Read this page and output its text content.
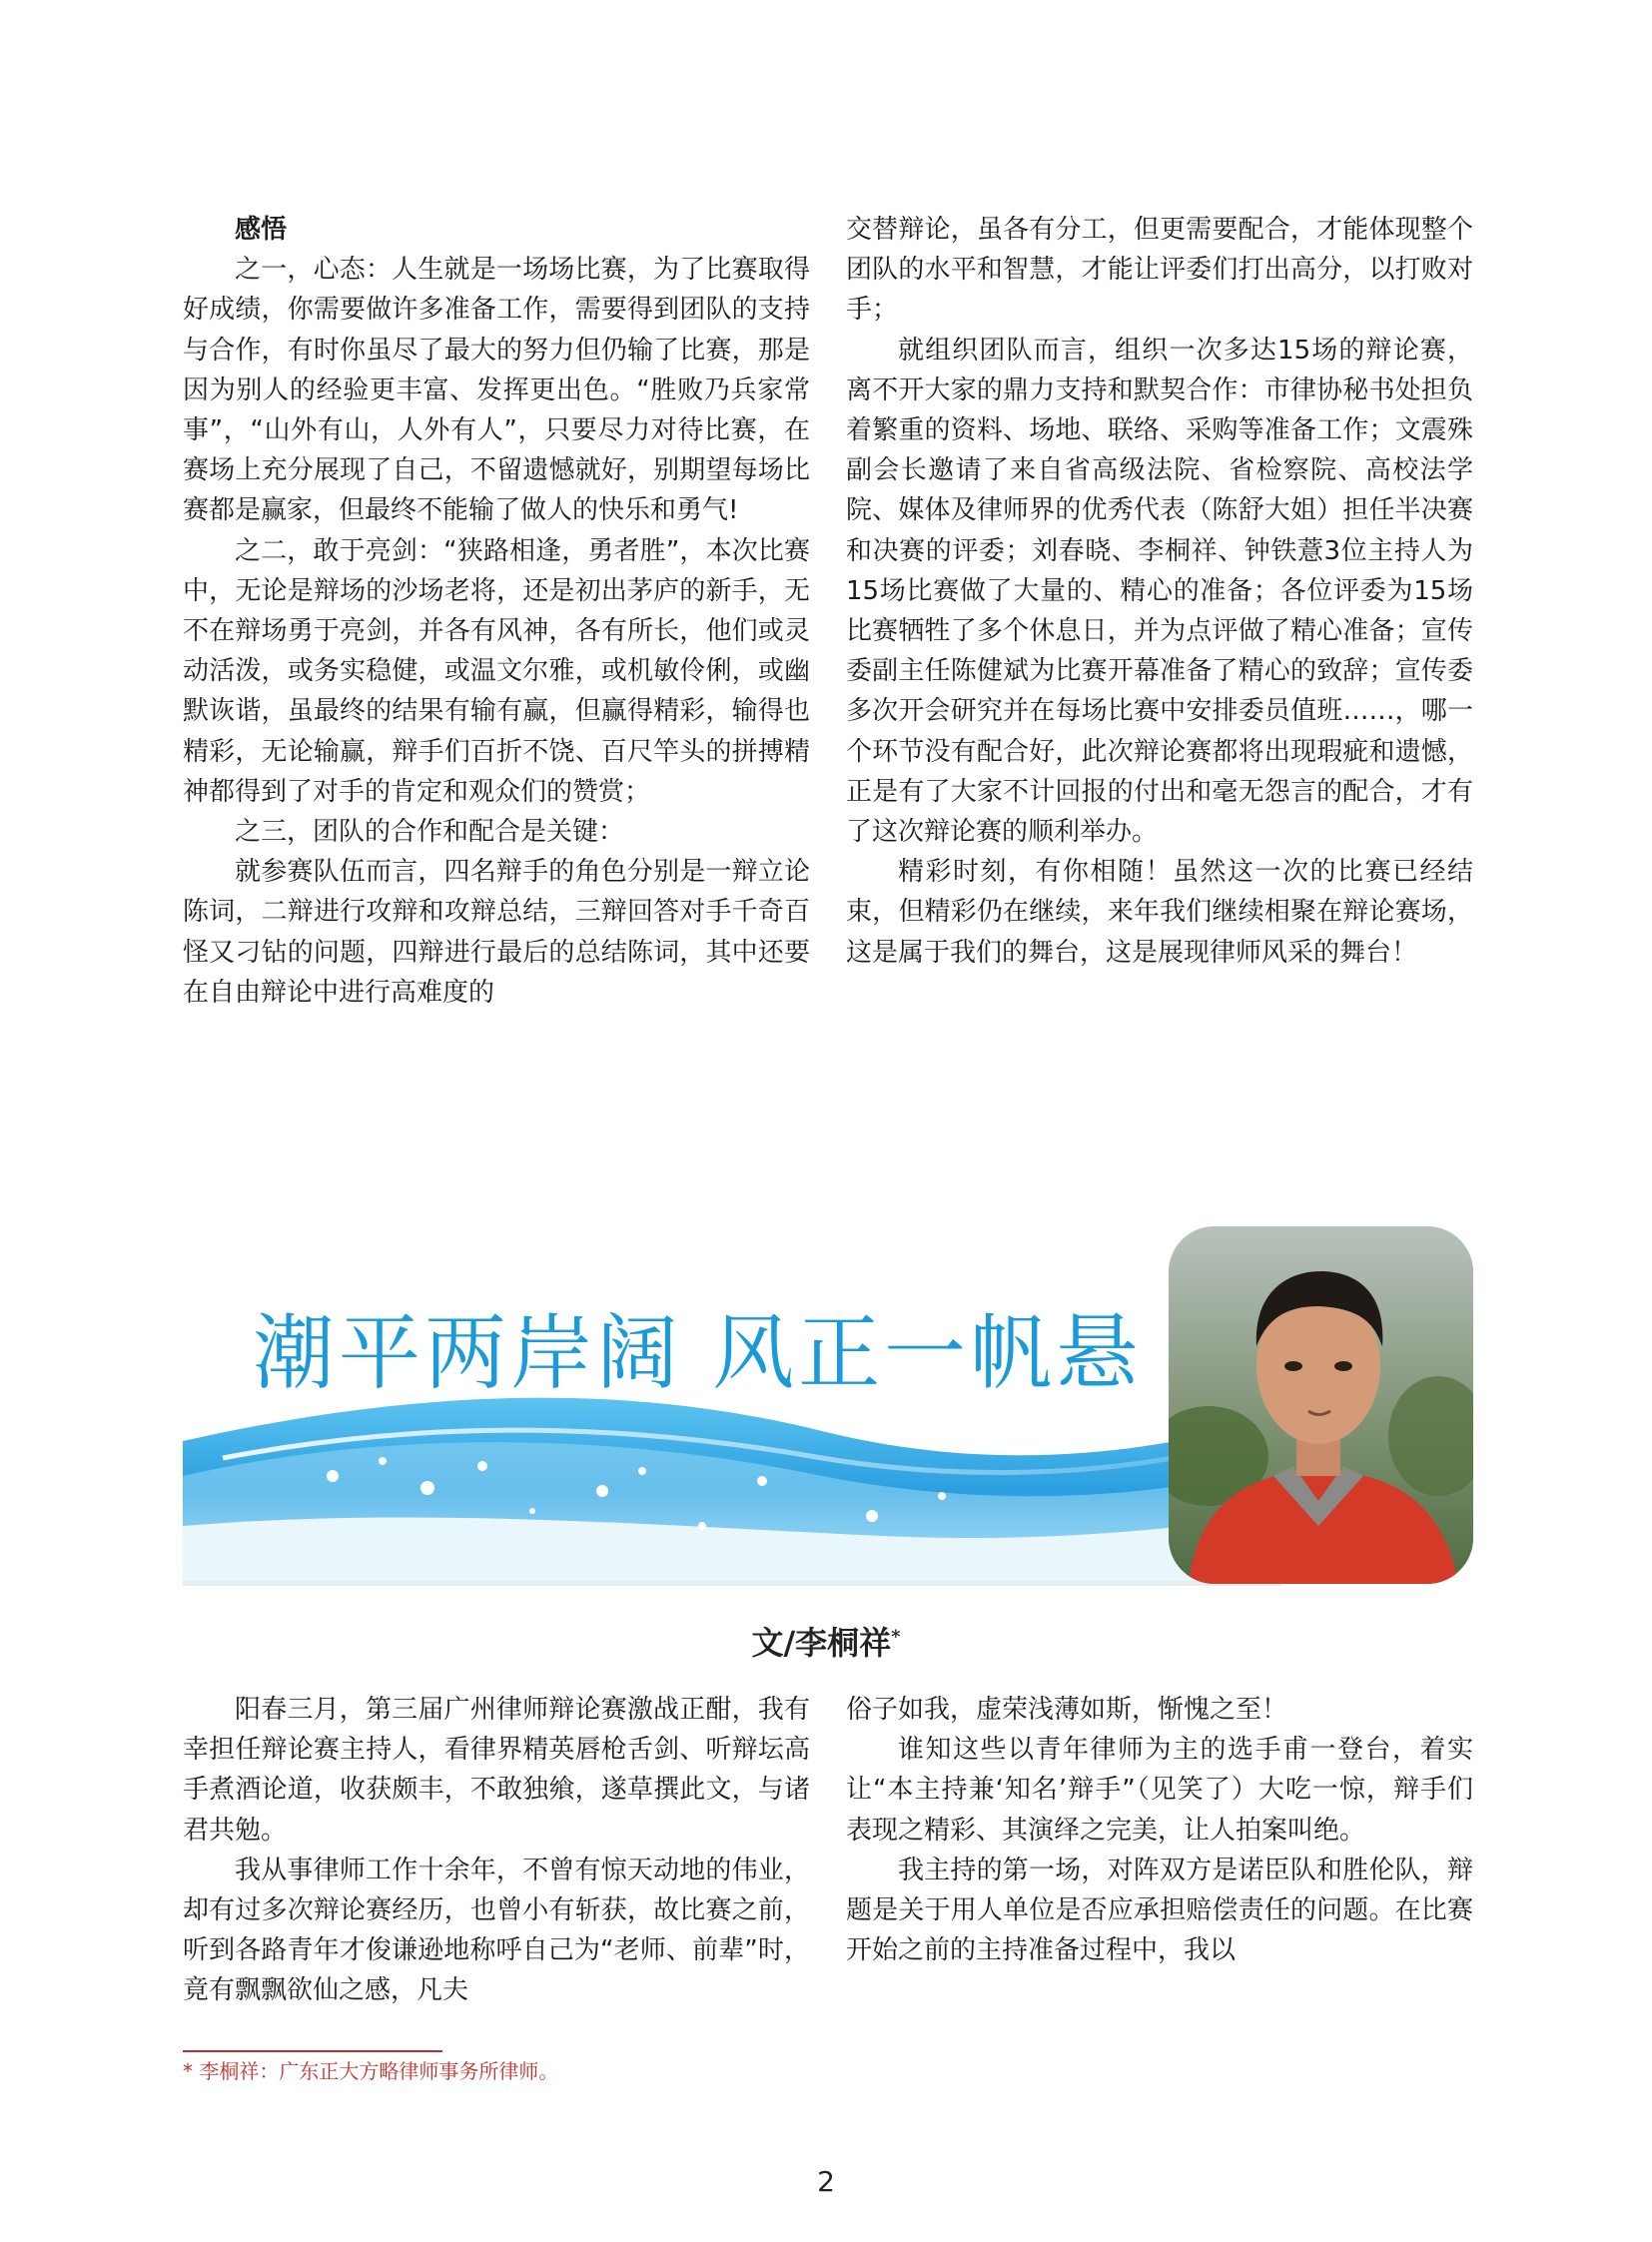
感悟

之一，心态：人生就是一场场比赛，为了比赛取得好成绩，你需要做许多准备工作，需要得到团队的支持与合作，有时你虽尽了最大的努力但仍输了比赛，那是因为别人的经验更丰富、发挥更出色。“胜败乃兵家常事”，“山外有山，人外有人”，只要尽力对待比赛，在赛场上充分展现了自己，不留遗憾就好，别期望每场比赛都是赢家，但最终不能输了做人的快乐和勇气!

之二，敢于亮剑：“狭路相逢，勇者胜”，本次比赛中，无论是辩场的沙场老将，还是初出茅庐的新手，无不在辩场勇于亮剑，并各有风神，各有所长，他们或灵动活泼，或务实稳健，或温文尔雅，或机敏伶俐，或幽默诙谐，虽最终的结果有输有赢，但赢得精彩，输得也精彩，无论输赢，辩手们百折不饶、百尺竿头的拼搏精神都得到了对手的肯定和观众们的赞赏；

之三，团队的合作和配合是关键：

就参赛队伍而言，四名辩手的角色分别是一辩立论陈词，二辩进行攻辩和攻辩总结，三辩回答对手千奇百怪又刁钻的问题，四辩进行最后的总结陈词，其中还要在自由辩论中进行高难度的

交替辩论，虽各有分工，但更需要配合，才能体现整个团队的水平和智慧，才能让评委们打出高分，以打败对手；

就组织团队而言，组织一次多达15场的辩论赛，离不开大家的鼎力支持和默契合作：市律协秘书处担负着繁重的资料、场地、联络、采购等准备工作；文震殊副会长邀请了来自省高级法院、省检察院、高校法学院、媒体及律师界的优秀代表（陈舒大姐）担任半决赛和决赛的评委；刘春晓、李桐祥、钟铁薏3位主持人为15场比赛做了大量的、精心的准备；各位评委为15场比赛牺牲了多个休息日，并为点评做了精心准备；宣传委副主任陈健斌为比赛开幕准备了精心的致辞；宣传委多次开会研究并在每场比赛中安排委员值班……，哪一个环节没有配合好，此次辩论赛都将出现瑕疵和遗憾，正是有了大家不计回报的付出和毫无怨言的配合，才有了这次辩论赛的顺利举办。

精彩时刻，有你相随！虽然这一次的比赛已经结束，但精彩仍在继续，来年我们继续相聚在辩论赛场，这是属于我们的舞台，这是展现律师风采的舞台！

潮平两岸阔 风正一帆悬
文/李桐祥*

阳春三月，第三届广州律师辩论赛激战正酣，我有幸担任辩论赛主持人，看律界精英唇枪舌剑、听辩坛高手煮酒论道，收获颇丰，不敢独飨，遂草撰此文，与诸君共勉。

我从事律师工作十余年，不曾有惊天动地的伟业，却有过多次辩论赛经历，也曾小有斩获，故比赛之前，听到各路青年才俊谦逊地称呼自己为“老师、前辈”时，竟有飘飘欲仙之感，凡夫

俗子如我，虚荣浅薄如斯，惭愧之至！

谁知这些以青年律师为主的选手甫一登台，着实让“本主持兼‘知名’辩手”（见笑了）大吃一惊，辩手们表现之精彩、其演绎之完美，让人拍案叫绝。

我主持的第一场，对阵双方是诺臣队和胜伦队，辩题是关于用人单位是否应承担赔偿责任的问题。在比赛开始之前的主持准备过程中，我以

* 李桐祥：广东正大方略律师事务所律师。
2
